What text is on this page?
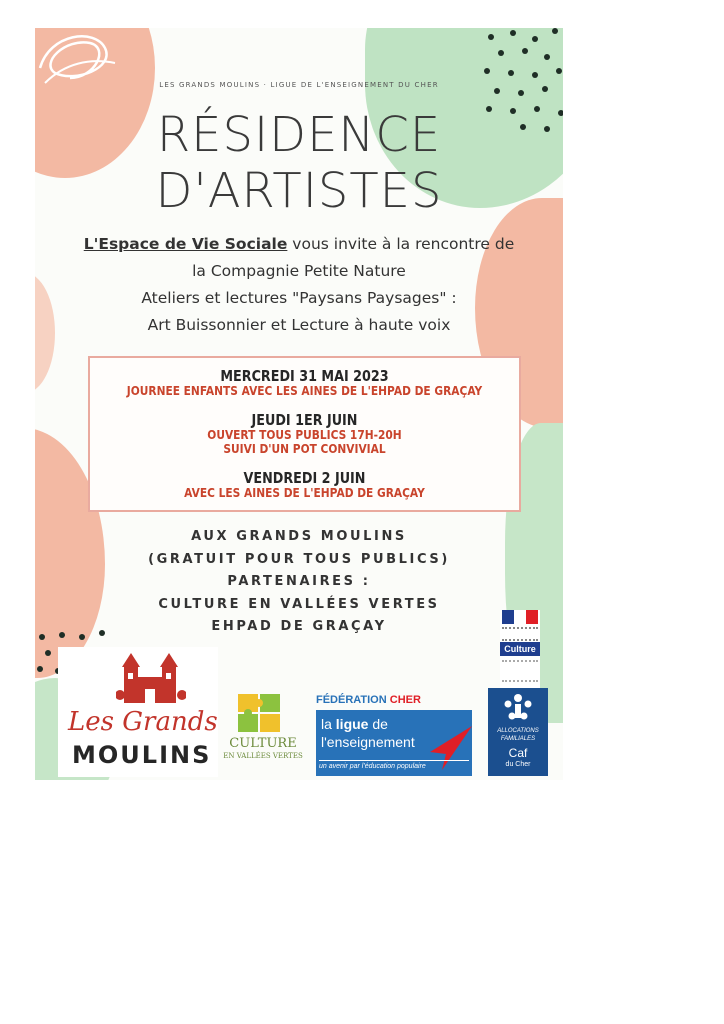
LES GRANDS MOULINS · LIGUE DE L'ENSEIGNEMENT DU CHER
RÉSIDENCE
D'ARTISTES
L'Espace de Vie Sociale vous invite à la rencontre de
la Compagnie Petite Nature
Ateliers et lectures "Paysans Paysages" :
Art Buissonnier et Lecture à haute voix
MERCREDI 31 MAI 2023
JOURNEE ENFANTS AVEC LES AINES DE L'EHPAD DE GRAÇAY
JEUDI 1ER JUIN
OUVERT TOUS PUBLICS 17H-20H
SUIVI D'UN POT CONVIVIAL
VENDREDI 2 JUIN
AVEC LES AINES DE L'EHPAD DE GRAÇAY
AUX GRANDS MOULINS
(GRATUIT POUR TOUS PUBLICS)
PARTENAIRES :
CULTURE EN VALLÉES VERTES
EHPAD DE GRAÇAY
Les Grands
MOULINS	CULTURE
EN VALLÉES VERTES
FÉDÉRATION CHER
la ligue de
l'enseignement
un avenir par l'éducation populaire
Culture
ALLOCATIONS
FAMILIALES
Caf
du Cher
